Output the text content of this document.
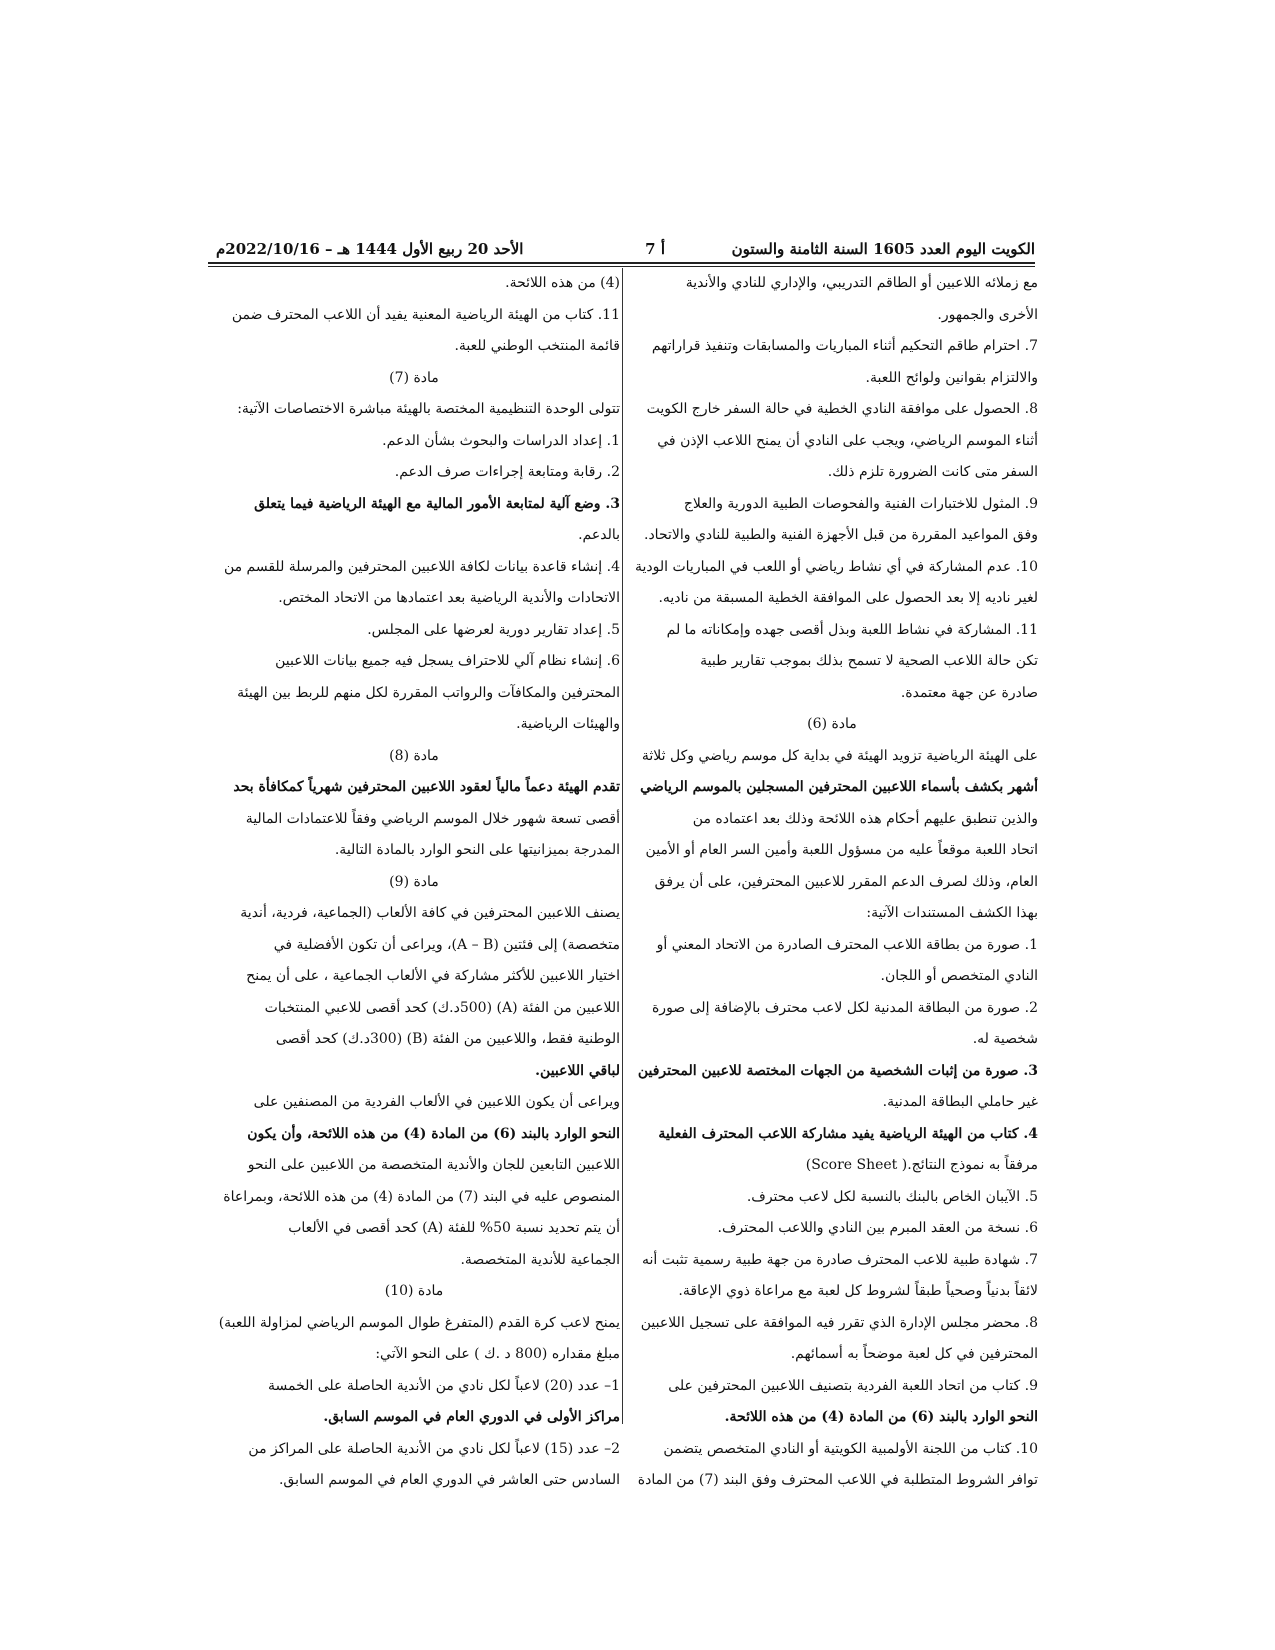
الكويت اليوم العدد 1605 السنة الثامنة والستون
أ 7
الأحد 20 ربيع الأول 1444 هـ – 2022/10/16م

مع زملائه اللاعبين أو الطاقم التدريبي، والإداري للنادي والأندية

الأخرى والجمهور.

7. احترام طاقم التحكيم أثناء المباريات والمسابقات وتنفيذ قراراتهم

والالتزام بقوانين ولوائح اللعبة.

8. الحصول على موافقة النادي الخطية في حالة السفر خارج الكويت

أثناء الموسم الرياضي، ويجب على النادي أن يمنح اللاعب الإذن في

السفر متى كانت الضرورة تلزم ذلك.

9. المثول للاختبارات الفنية والفحوصات الطبية الدورية والعلاج

وفق المواعيد المقررة من قبل الأجهزة الفنية والطبية للنادي والاتحاد.

10. عدم المشاركة في أي نشاط رياضي أو اللعب في المباريات الودية

لغير ناديه إلا بعد الحصول على الموافقة الخطية المسبقة من ناديه.

11. المشاركة في نشاط اللعبة وبذل أقصى جهده وإمكاناته ما لم

تكن حالة اللاعب الصحية لا تسمح بذلك بموجب تقارير طبية

صادرة عن جهة معتمدة.

مادة (6)

على الهيئة الرياضية تزويد الهيئة في بداية كل موسم رياضي وكل ثلاثة

أشهر بكشف بأسماء اللاعبين المحترفين المسجلين بالموسم الرياضي

والذين تنطبق عليهم أحكام هذه اللائحة وذلك بعد اعتماده من

اتحاد اللعبة موقعاً عليه من مسؤول اللعبة وأمين السر العام أو الأمين

العام، وذلك لصرف الدعم المقرر للاعبين المحترفين، على أن يرفق

بهذا الكشف المستندات الآتية:

1. صورة من بطاقة اللاعب المحترف الصادرة من الاتحاد المعني أو

النادي المتخصص أو اللجان.

2. صورة من البطاقة المدنية لكل لاعب محترف بالإضافة إلى صورة

شخصية له.

3. صورة من إثبات الشخصية من الجهات المختصة للاعبين المحترفين

غير حاملي البطاقة المدنية.

4. كتاب من الهيئة الرياضية يفيد مشاركة اللاعب المحترف الفعلية

مرفقاً به نموذج النتائج.( Score Sheet)

5. الآيبان الخاص بالبنك بالنسبة لكل لاعب محترف.

6. نسخة من العقد المبرم بين النادي واللاعب المحترف.

7. شهادة طبية للاعب المحترف صادرة من جهة طبية رسمية تثبت أنه

لائقاً بدنياً وصحياً طبقاً لشروط كل لعبة مع مراعاة ذوي الإعاقة.

8. محضر مجلس الإدارة الذي تقرر فيه الموافقة على تسجيل اللاعبين

المحترفين في كل لعبة موضحاً به أسمائهم.

9. كتاب من اتحاد اللعبة الفردية بتصنيف اللاعبين المحترفين على

النحو الوارد بالبند (6) من المادة (4) من هذه اللائحة.

10. كتاب من اللجنة الأولمبية الكويتية أو النادي المتخصص يتضمن

توافر الشروط المتطلبة في اللاعب المحترف وفق البند (7) من المادة

(4) من هذه اللائحة.

11. كتاب من الهيئة الرياضية المعنية يفيد أن اللاعب المحترف ضمن

قائمة المنتخب الوطني للعبة.

مادة (7)

تتولى الوحدة التنظيمية المختصة بالهيئة مباشرة الاختصاصات الآتية:

1. إعداد الدراسات والبحوث بشأن الدعم.

2. رقابة ومتابعة إجراءات صرف الدعم.

3. وضع آلية لمتابعة الأمور المالية مع الهيئة الرياضية فيما يتعلق

بالدعم.

4. إنشاء قاعدة بيانات لكافة اللاعبين المحترفين والمرسلة للقسم من

الاتحادات والأندية الرياضية بعد اعتمادها من الاتحاد المختص.

5. إعداد تقارير دورية لعرضها على المجلس.

6. إنشاء نظام آلي للاحتراف يسجل فيه جميع بيانات اللاعبين

المحترفين والمكافآت والرواتب المقررة لكل منهم للربط بين الهيئة

والهيئات الرياضية.

مادة (8)

تقدم الهيئة دعماً مالياً لعقود اللاعبين المحترفين شهرياً كمكافأة بحد

أقصى تسعة شهور خلال الموسم الرياضي وفقاً للاعتمادات المالية

المدرجة بميزانيتها على النحو الوارد بالمادة التالية.

مادة (9)

يصنف اللاعبين المحترفين في كافة الألعاب (الجماعية، فردية، أندية

متخصصة) إلى فئتين (A – B)، ويراعى أن تكون الأفضلية في

اختيار اللاعبين للأكثر مشاركة في الألعاب الجماعية ، على أن يمنح

اللاعبين من الفئة (A) (500د.ك) كحد أقصى للاعبي المنتخبات

الوطنية فقط، واللاعبين من الفئة (B) (300د.ك) كحد أقصى

لباقي اللاعبين.

ويراعى أن يكون اللاعبين في الألعاب الفردية من المصنفين على

النحو الوارد بالبند (6) من المادة (4) من هذه اللائحة، وأن يكون

اللاعبين التابعين للجان والأندية المتخصصة من اللاعبين على النحو

المنصوص عليه في البند (7) من المادة (4) من هذه اللائحة، وبمراعاة

أن يتم تحديد نسبة 50% للفئة (A) كحد أقصى في الألعاب

الجماعية للأندية المتخصصة.

مادة (10)

يمنح لاعب كرة القدم (المتفرغ طوال الموسم الرياضي لمزاولة اللعبة)

مبلغ مقداره (800 د .ك ) على النحو الآتي:

1– عدد (20) لاعباً لكل نادي من الأندية الحاصلة على الخمسة

مراكز الأولى في الدوري العام في الموسم السابق.

2– عدد (15) لاعباً لكل نادي من الأندية الحاصلة على المراكز من

السادس حتى العاشر في الدوري العام في الموسم السابق.
